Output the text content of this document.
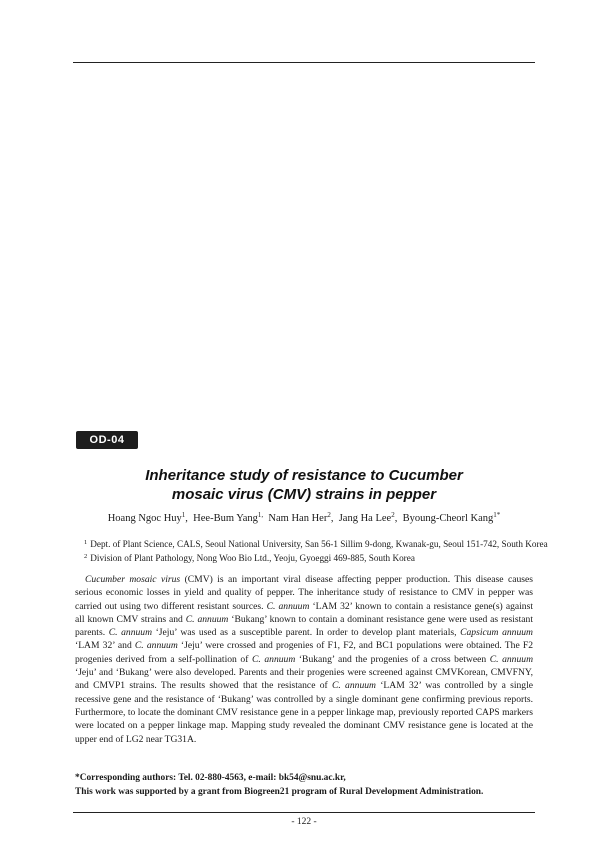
OD-04
Inheritance study of resistance to Cucumber
mosaic virus (CMV) strains in pepper
Hoang Ngoc Huy$^1$,  Hee-Bum Yang$^{1,}$ Nam Han Her$^2$,  Jang Ha Lee$^2$,  Byoung-Cheorl Kang$^{1*}$
$^1$ Dept. of Plant Science, CALS, Seoul National University, San 56-1 Sillim 9-dong, Kwanak-gu, Seoul 151-742, South Korea
$^2$ Division of Plant Pathology, Nong Woo Bio Ltd., Yeoju, Gyoeggi 469-885, South Korea

Cucumber mosaic virus (CMV) is an important viral disease affecting pepper production. This disease causes serious economic losses in yield and quality of pepper. The inheritance study of resistance to CMV in pepper was carried out using two different resistant sources. C. annuum ‘LAM 32’ known to contain a resistance gene(s) against all known CMV strains and C. annuum ‘Bukang’ known to contain a dominant resistance gene were used as resistant parents. C. annuum ‘Jeju’ was used as a susceptible parent. In order to develop plant materials, Capsicum annuum ‘LAM 32’ and C. annuum ‘Jeju’ were crossed and progenies of F1, F2, and BC1 populations were obtained. The F2 progenies derived from a self-pollination of C. annuum ‘Bukang’ and the progenies of a cross between C. annuum ‘Jeju’ and ‘Bukang’ were also developed. Parents and their progenies were screened against CMVKorean, CMVFNY, and CMVP1 strains. The results showed that the resistance of C. annuum ‘LAM 32’ was controlled by a single recessive gene and the resistance of ‘Bukang’ was controlled by a single dominant gene confirming previous reports. Furthermore, to locate the dominant CMV resistance gene in a pepper linkage map, previously reported CAPS markers were located on a pepper linkage map. Mapping study revealed the dominant CMV resistance gene is located at the upper end of LG2 near TG31A.

*Corresponding authors: Tel. 02-880-4563, e-mail: bk54@snu.ac.kr,
This work was supported by a grant from Biogreen21 program of Rural Development Administration.
- 122 -
